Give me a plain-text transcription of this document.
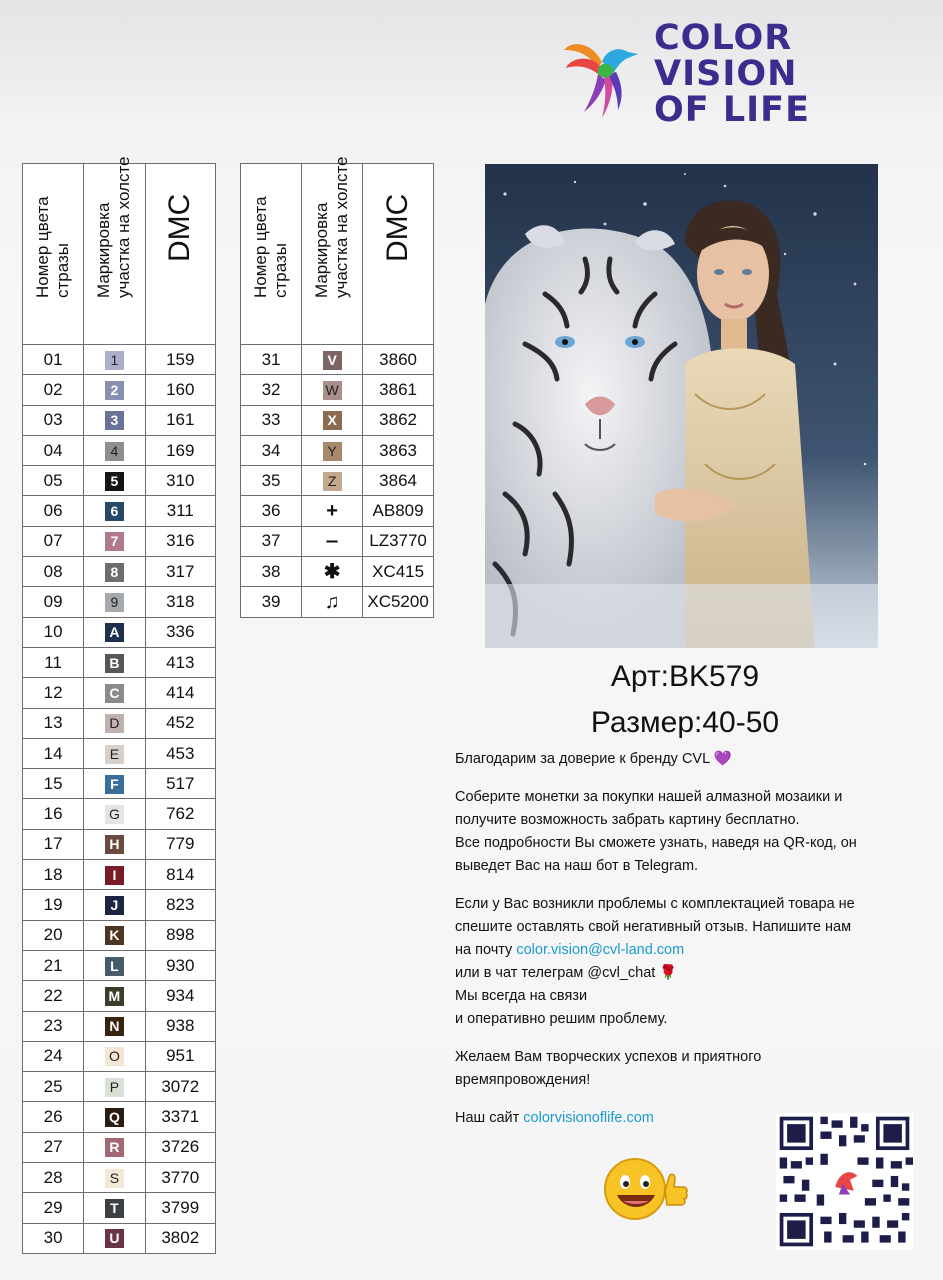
COLOR
VISION
OF LIFE
Номер цвета
стразы	Маркировка
участка на холсте	DMC

01	1	159
02	2	160
03	3	161
04	4	169
05	5	310
06	6	311
07	7	316
08	8	317
09	9	318
10	A	336
11	B	413
12	C	414
13	D	452
14	E	453
15	F	517
16	G	762
17	H	779
18	I	814
19	J	823
20	K	898
21	L	930
22	M	934
23	N	938
24	O	951
25	P	3072
26	Q	3371
27	R	3726
28	S	3770
29	T	3799
30	U	3802
Номер цвета
стразы	Маркировка
участка на холсте	DMC

31	V	3860
32	W	3861
33	X	3862
34	Y	3863
35	Z	3864
36	+	AB809
37	‒	LZ3770
38	✱	XC415
39	♫	XC5200
Арт:BK579
Размер:40-50

Благодарим за доверие к бренду CVL 💜

Соберите монетки за покупки нашей алмазной мозаики и
получите возможность забрать картину бесплатно.
Все подробности Вы сможете узнать, наведя на QR-код, он
выведет Вас на наш бот в Telegram.

Если у Вас возникли проблемы с комплектацией товара не
спешите оставлять свой негативный отзыв. Напишите нам
на почту color.vision@cvl-land.com
или в чат телеграм @cvl_chat 🌹
Мы всегда на связи
и оперативно решим проблему.

Желаем Вам творческих успехов и приятного
времяпровождения!

Наш сайт colorvisionoflife.com
